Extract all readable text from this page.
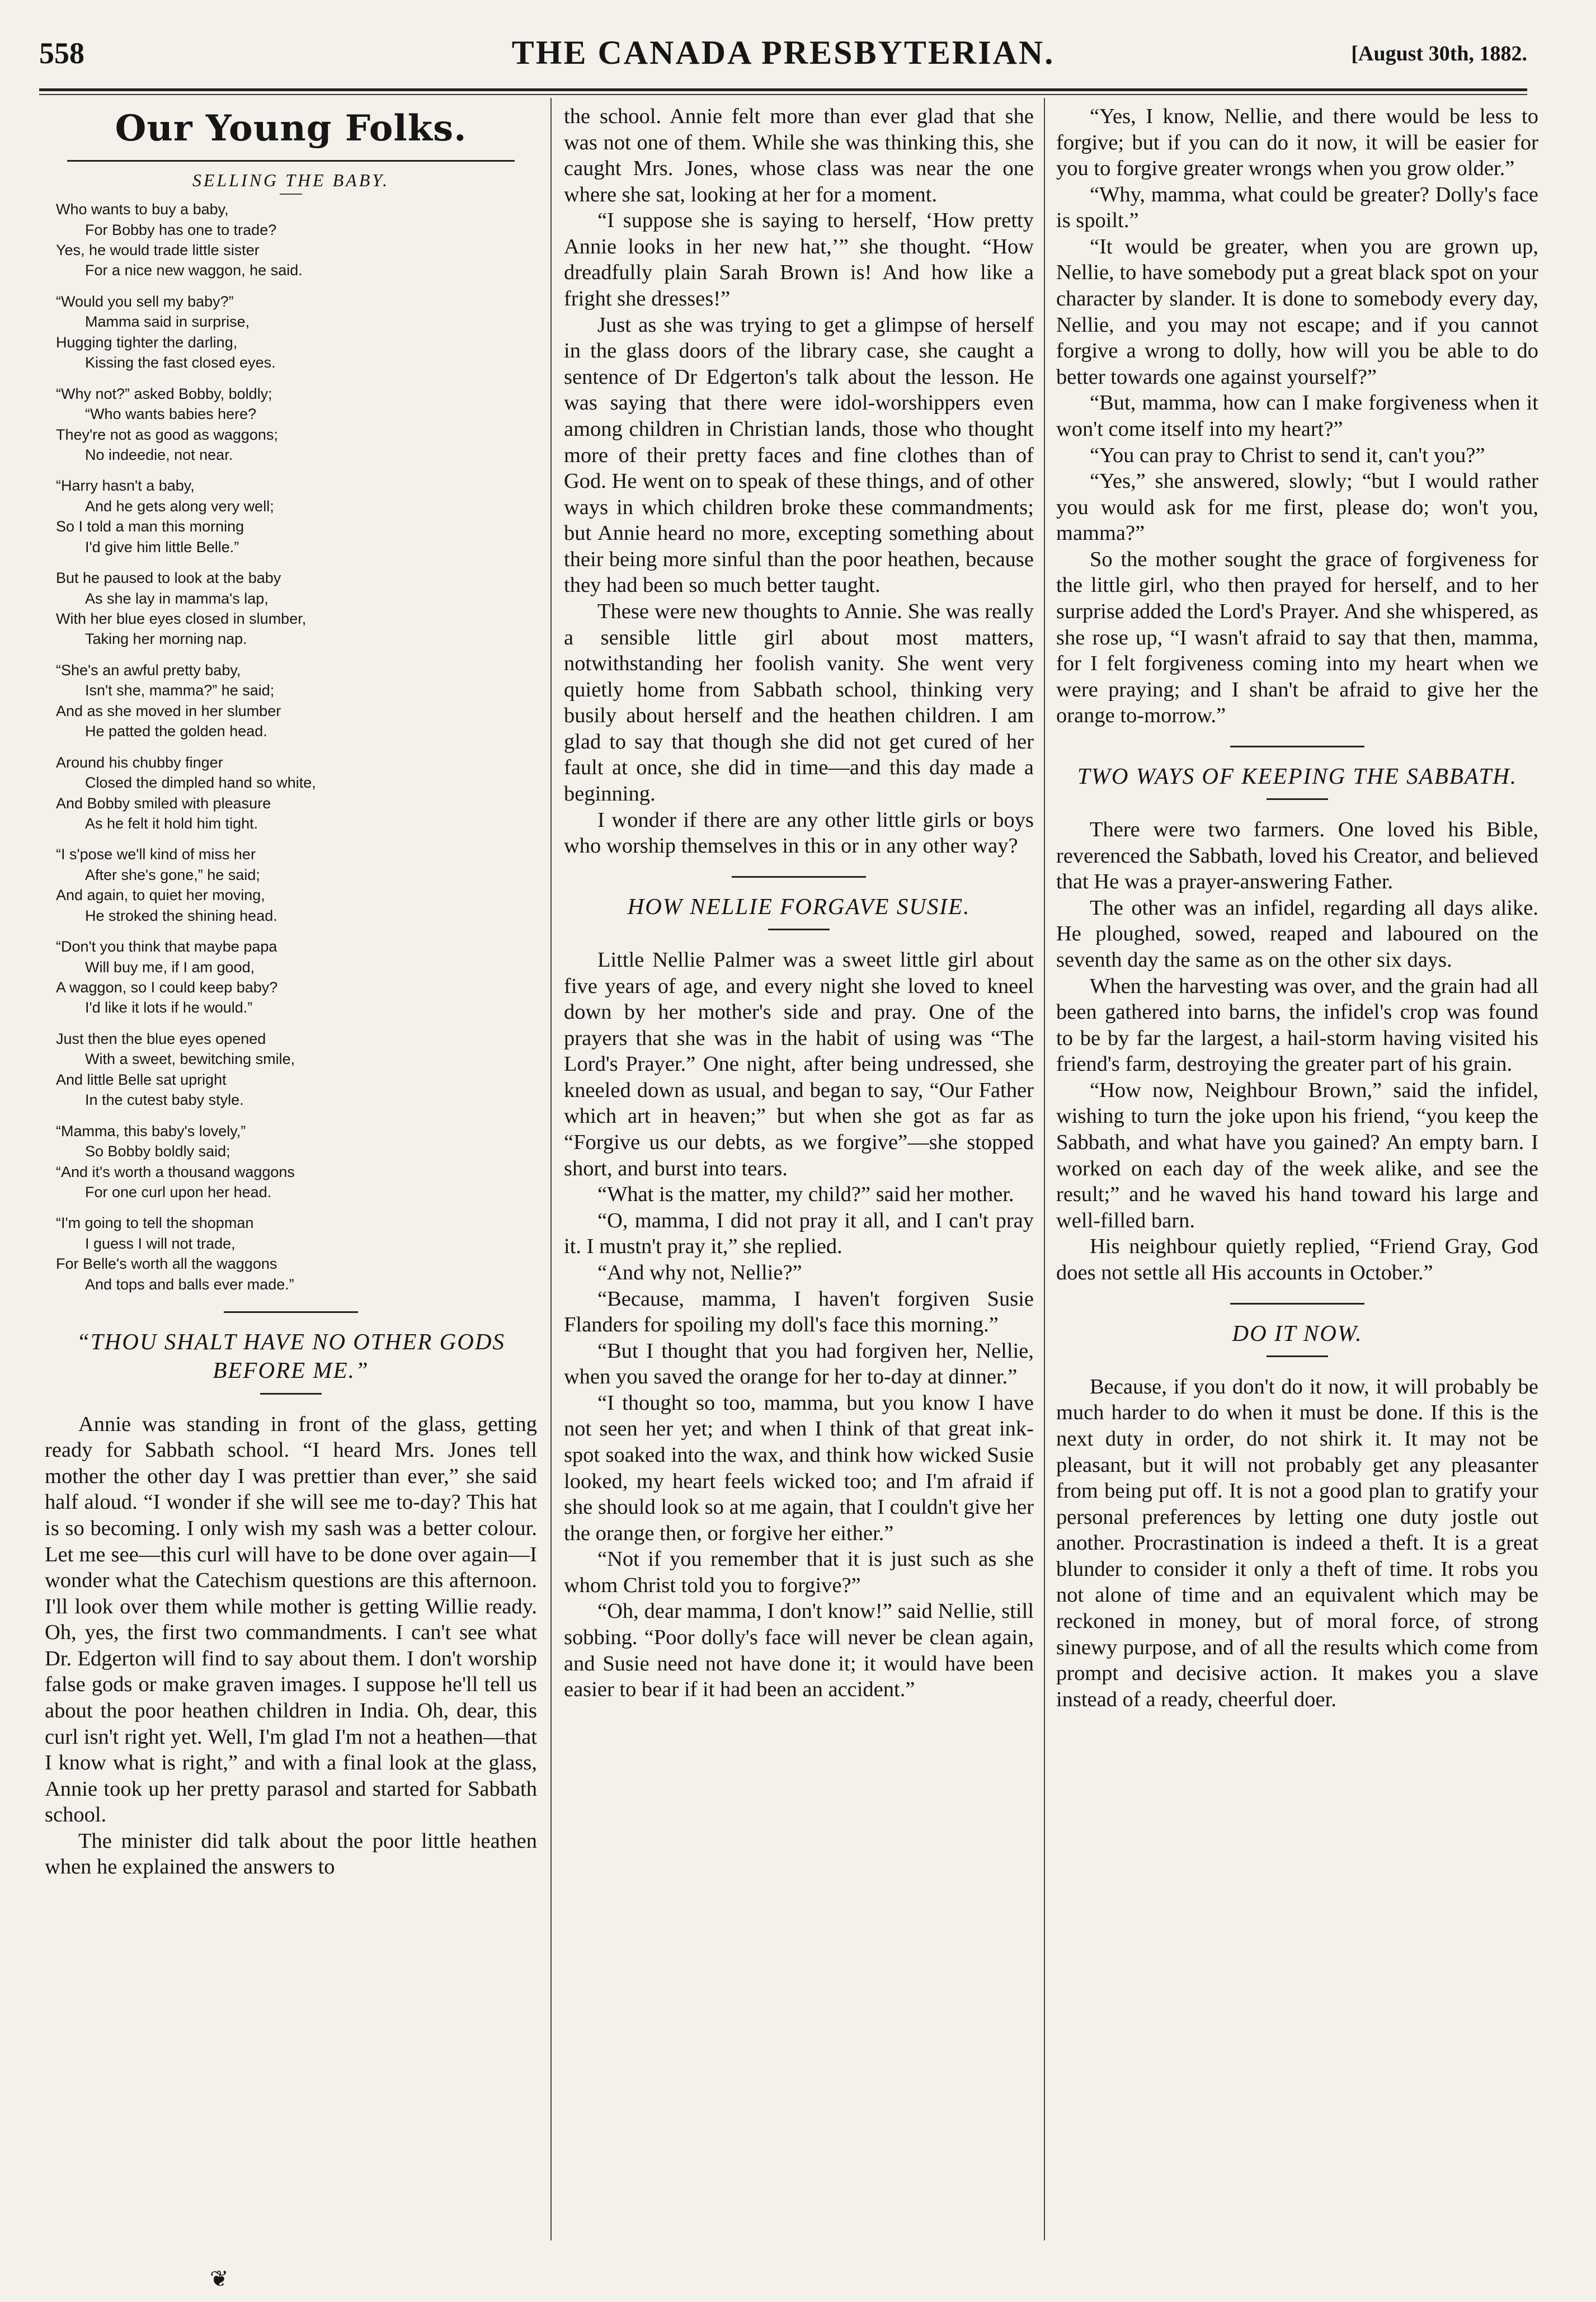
558	THE CANADA PRESBYTERIAN.	[August 30th, 1882.
Our Young Folks.
SELLING THE BABY.
Who wants to buy a baby,
For Bobby has one to trade?
Yes, he would trade little sister
For a nice new waggon, he said.
“Would you sell my baby?”
Mamma said in surprise,
Hugging tighter the darling,
Kissing the fast closed eyes.
“Why not?” asked Bobby, boldly;
“Who wants babies here?
They're not as good as waggons;
No indeedie, not near.
“Harry hasn't a baby,
And he gets along very well;
So I told a man this morning
I'd give him little Belle.”
But he paused to look at the baby
As she lay in mamma's lap,
With her blue eyes closed in slumber,
Taking her morning nap.
“She's an awful pretty baby,
Isn't she, mamma?” he said;
And as she moved in her slumber
He patted the golden head.
Around his chubby finger
Closed the dimpled hand so white,
And Bobby smiled with pleasure
As he felt it hold him tight.
“I s'pose we'll kind of miss her
After she's gone,” he said;
And again, to quiet her moving,
He stroked the shining head.
“Don't you think that maybe papa
Will buy me, if I am good,
A waggon, so I could keep baby?
I'd like it lots if he would.”
Just then the blue eyes opened
With a sweet, bewitching smile,
And little Belle sat upright
In the cutest baby style.
“Mamma, this baby's lovely,”
So Bobby boldly said;
“And it's worth a thousand waggons
For one curl upon her head.
“I'm going to tell the shopman
I guess I will not trade,
For Belle's worth all the waggons
And tops and balls ever made.”
“THOU SHALT HAVE NO OTHER GODS BEFORE ME.”

Annie was standing in front of the glass, getting ready for Sabbath school. “I heard Mrs. Jones tell mother the other day I was prettier than ever,” she said half aloud. “I wonder if she will see me to-day? This hat is so becoming. I only wish my sash was a better colour. Let me see—this curl will have to be done over again—I wonder what the Catechism questions are this afternoon. I'll look over them while mother is getting Willie ready. Oh, yes, the first two commandments. I can't see what Dr. Edgerton will find to say about them. I don't worship false gods or make graven images. I suppose he'll tell us about the poor heathen children in India. Oh, dear, this curl isn't right yet. Well, I'm glad I'm not a heathen—that I know what is right,” and with a final look at the glass, Annie took up her pretty parasol and started for Sabbath school.

The minister did talk about the poor little heathen when he explained the answers to

the school. Annie felt more than ever glad that she was not one of them. While she was thinking this, she caught Mrs. Jones, whose class was near the one where she sat, looking at her for a moment.

“I suppose she is saying to herself, ‘How pretty Annie looks in her new hat,’” she thought. “How dreadfully plain Sarah Brown is! And how like a fright she dresses!”

Just as she was trying to get a glimpse of herself in the glass doors of the library case, she caught a sentence of Dr Edgerton's talk about the lesson. He was saying that there were idol-worshippers even among children in Christian lands, those who thought more of their pretty faces and fine clothes than of God. He went on to speak of these things, and of other ways in which children broke these commandments; but Annie heard no more, excepting something about their being more sinful than the poor heathen, because they had been so much better taught.

These were new thoughts to Annie. She was really a sensible little girl about most matters, notwithstanding her foolish vanity. She went very quietly home from Sabbath school, thinking very busily about herself and the heathen children. I am glad to say that though she did not get cured of her fault at once, she did in time—and this day made a beginning.

I wonder if there are any other little girls or boys who worship themselves in this or in any other way?

HOW NELLIE FORGAVE SUSIE.

Little Nellie Palmer was a sweet little girl about five years of age, and every night she loved to kneel down by her mother's side and pray. One of the prayers that she was in the habit of using was “The Lord's Prayer.” One night, after being undressed, she kneeled down as usual, and began to say, “Our Father which art in heaven;” but when she got as far as “Forgive us our debts, as we forgive”—she stopped short, and burst into tears.

“What is the matter, my child?” said her mother.

“O, mamma, I did not pray it all, and I can't pray it. I mustn't pray it,” she replied.

“And why not, Nellie?”

“Because, mamma, I haven't forgiven Susie Flanders for spoiling my doll's face this morning.”

“But I thought that you had forgiven her, Nellie, when you saved the orange for her to-day at dinner.”

“I thought so too, mamma, but you know I have not seen her yet; and when I think of that great ink-spot soaked into the wax, and think how wicked Susie looked, my heart feels wicked too; and I'm afraid if she should look so at me again, that I couldn't give her the orange then, or forgive her either.”

“Not if you remember that it is just such as she whom Christ told you to forgive?”

“Oh, dear mamma, I don't know!” said Nellie, still sobbing. “Poor dolly's face will never be clean again, and Susie need not have done it; it would have been easier to bear if it had been an accident.”

“Yes, I know, Nellie, and there would be less to forgive; but if you can do it now, it will be easier for you to forgive greater wrongs when you grow older.”

“Why, mamma, what could be greater? Dolly's face is spoilt.”

“It would be greater, when you are grown up, Nellie, to have somebody put a great black spot on your character by slander. It is done to somebody every day, Nellie, and you may not escape; and if you cannot forgive a wrong to dolly, how will you be able to do better towards one against yourself?”

“But, mamma, how can I make forgiveness when it won't come itself into my heart?”

“You can pray to Christ to send it, can't you?”

“Yes,” she answered, slowly; “but I would rather you would ask for me first, please do; won't you, mamma?”

So the mother sought the grace of forgiveness for the little girl, who then prayed for herself, and to her surprise added the Lord's Prayer. And she whispered, as she rose up, “I wasn't afraid to say that then, mamma, for I felt forgiveness coming into my heart when we were praying; and I shan't be afraid to give her the orange to-morrow.”

TWO WAYS OF KEEPING THE SABBATH.

There were two farmers. One loved his Bible, reverenced the Sabbath, loved his Creator, and believed that He was a prayer-answering Father.

The other was an infidel, regarding all days alike. He ploughed, sowed, reaped and laboured on the seventh day the same as on the other six days.

When the harvesting was over, and the grain had all been gathered into barns, the infidel's crop was found to be by far the largest, a hail-storm having visited his friend's farm, destroying the greater part of his grain.

“How now, Neighbour Brown,” said the infidel, wishing to turn the joke upon his friend, “you keep the Sabbath, and what have you gained? An empty barn. I worked on each day of the week alike, and see the result;” and he waved his hand toward his large and well-filled barn.

His neighbour quietly replied, “Friend Gray, God does not settle all His accounts in October.”

DO IT NOW.

Because, if you don't do it now, it will probably be much harder to do when it must be done. If this is the next duty in order, do not shirk it. It may not be pleasant, but it will not probably get any pleasanter from being put off. It is not a good plan to gratify your personal preferences by letting one duty jostle out another. Procrastination is indeed a theft. It is a great blunder to consider it only a theft of time. It robs you not alone of time and an equivalent which may be reckoned in money, but of moral force, of strong sinewy purpose, and of all the results which come from prompt and decisive action. It makes you a slave instead of a ready, cheerful doer.

❦
